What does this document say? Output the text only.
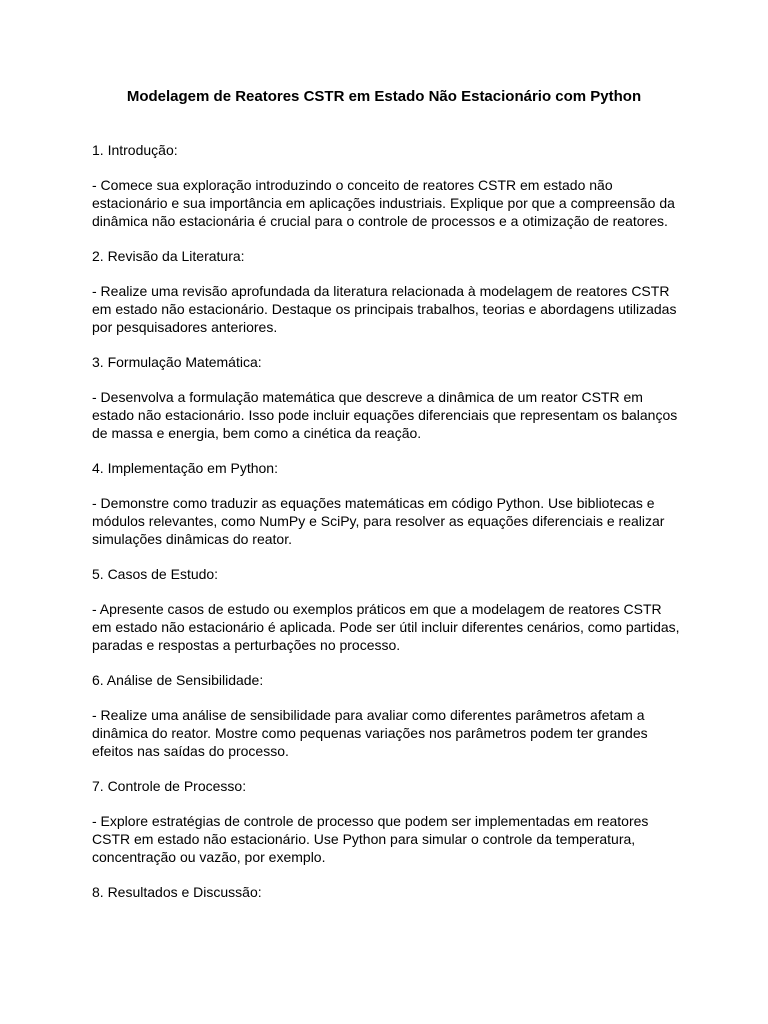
Modelagem de Reatores CSTR em Estado Não Estacionário com Python

1. Introdução:

- Comece sua exploração introduzindo o conceito de reatores CSTR em estado não estacionário e sua importância em aplicações industriais. Explique por que a compreensão da dinâmica não estacionária é crucial para o controle de processos e a otimização de reatores.

2. Revisão da Literatura:

- Realize uma revisão aprofundada da literatura relacionada à modelagem de reatores CSTR em estado não estacionário. Destaque os principais trabalhos, teorias e abordagens utilizadas por pesquisadores anteriores.

3. Formulação Matemática:

- Desenvolva a formulação matemática que descreve a dinâmica de um reator CSTR em estado não estacionário. Isso pode incluir equações diferenciais que representam os balanços de massa e energia, bem como a cinética da reação.

4. Implementação em Python:

- Demonstre como traduzir as equações matemáticas em código Python. Use bibliotecas e módulos relevantes, como NumPy e SciPy, para resolver as equações diferenciais e realizar simulações dinâmicas do reator.

5. Casos de Estudo:

- Apresente casos de estudo ou exemplos práticos em que a modelagem de reatores CSTR em estado não estacionário é aplicada. Pode ser útil incluir diferentes cenários, como partidas, paradas e respostas a perturbações no processo.

6. Análise de Sensibilidade:

- Realize uma análise de sensibilidade para avaliar como diferentes parâmetros afetam a dinâmica do reator. Mostre como pequenas variações nos parâmetros podem ter grandes efeitos nas saídas do processo.

7. Controle de Processo:

- Explore estratégias de controle de processo que podem ser implementadas em reatores CSTR em estado não estacionário. Use Python para simular o controle da temperatura, concentração ou vazão, por exemplo.

8. Resultados e Discussão:
